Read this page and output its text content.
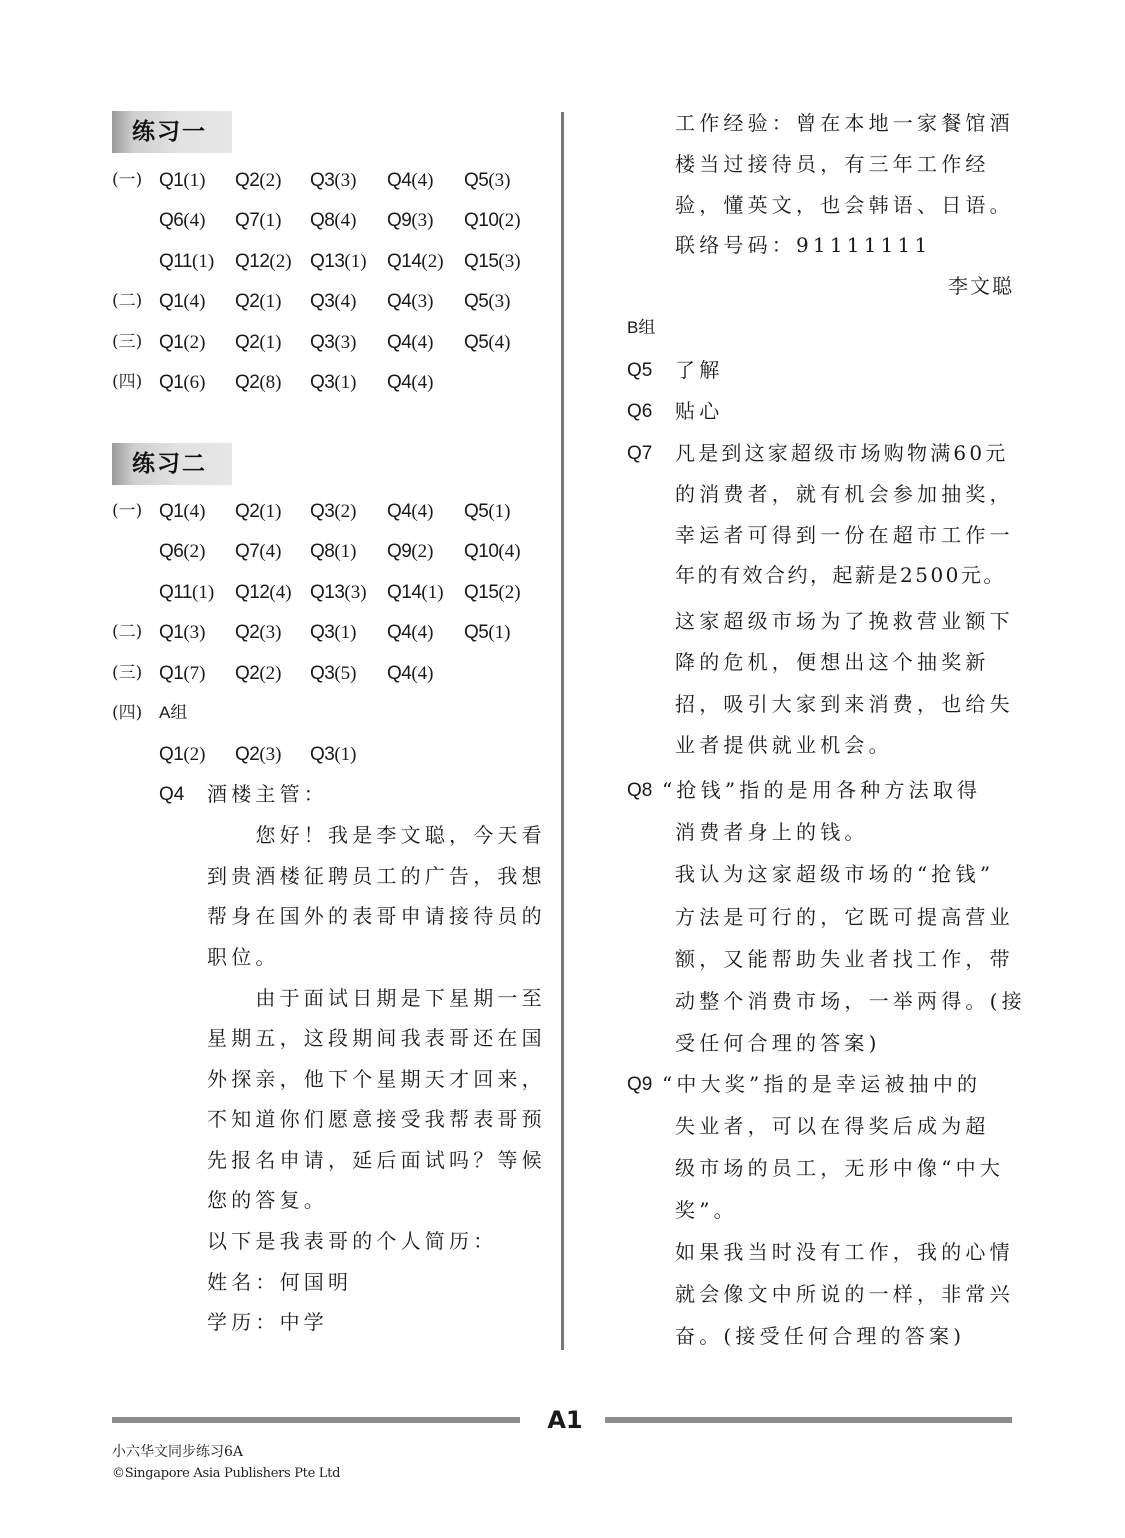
练习一
(一) Q1(1) Q2(2) Q3(3) Q4(4) Q5(3)
Q6(4) Q7(1) Q8(4) Q9(3) Q10(2)
Q11(1) Q12(2) Q13(1) Q14(2) Q15(3)
(二) Q1(4) Q2(1) Q3(4) Q4(3) Q5(3)
(三) Q1(2) Q2(1) Q3(3) Q4(4) Q5(4)
(四) Q1(6) Q2(8) Q3(1) Q4(4)
练习二
(一) Q1(4) Q2(1) Q3(2) Q4(4) Q5(1)
Q6(2) Q7(4) Q8(1) Q9(2) Q10(4)
Q11(1) Q12(4) Q13(3) Q14(1) Q15(2)
(二) Q1(3) Q2(3) Q3(1) Q4(4) Q5(1)
(三) Q1(7) Q2(2) Q3(5) Q4(4)
(四) A组
Q1(2) Q2(3) Q3(1)
Q4 酒楼主管：
　　您好！我是李文聪，今天看
到贵酒楼征聘员工的广告，我想
帮身在国外的表哥申请接待员的
职位。
　　由于面试日期是下星期一至
星期五，这段期间我表哥还在国
外探亲，他下个星期天才回来，
不知道你们愿意接受我帮表哥预
先报名申请，延后面试吗？等候
您的答复。
以下是我表哥的个人简历：
姓名：何国明
学历：中学
工作经验：曾在本地一家餐馆酒
楼当过接待员，有三年工作经
验，懂英文，也会韩语、日语。
联络号码：91111111
李文聪
B组
Q5 了解
Q6 贴心
Q7 凡是到这家超级市场购物满60元
的消费者，就有机会参加抽奖，
幸运者可得到一份在超市工作一
年的有效合约，起薪是2500元。
这家超级市场为了挽救营业额下
降的危机，便想出这个抽奖新
招，吸引大家到来消费，也给失
业者提供就业机会。
Q8 “抢钱”指的是用各种方法取得
消费者身上的钱。
我认为这家超级市场的“抢钱”
方法是可行的，它既可提高营业
额，又能帮助失业者找工作，带
动整个消费市场，一举两得。(接
受任何合理的答案)
Q9 “中大奖”指的是幸运被抽中的
失业者，可以在得奖后成为超
级市场的员工，无形中像“中大
奖”。
如果我当时没有工作，我的心情
就会像文中所说的一样，非常兴
奋。(接受任何合理的答案)
A1
小六华文同步练习6A
©Singapore Asia Publishers Pte Ltd
